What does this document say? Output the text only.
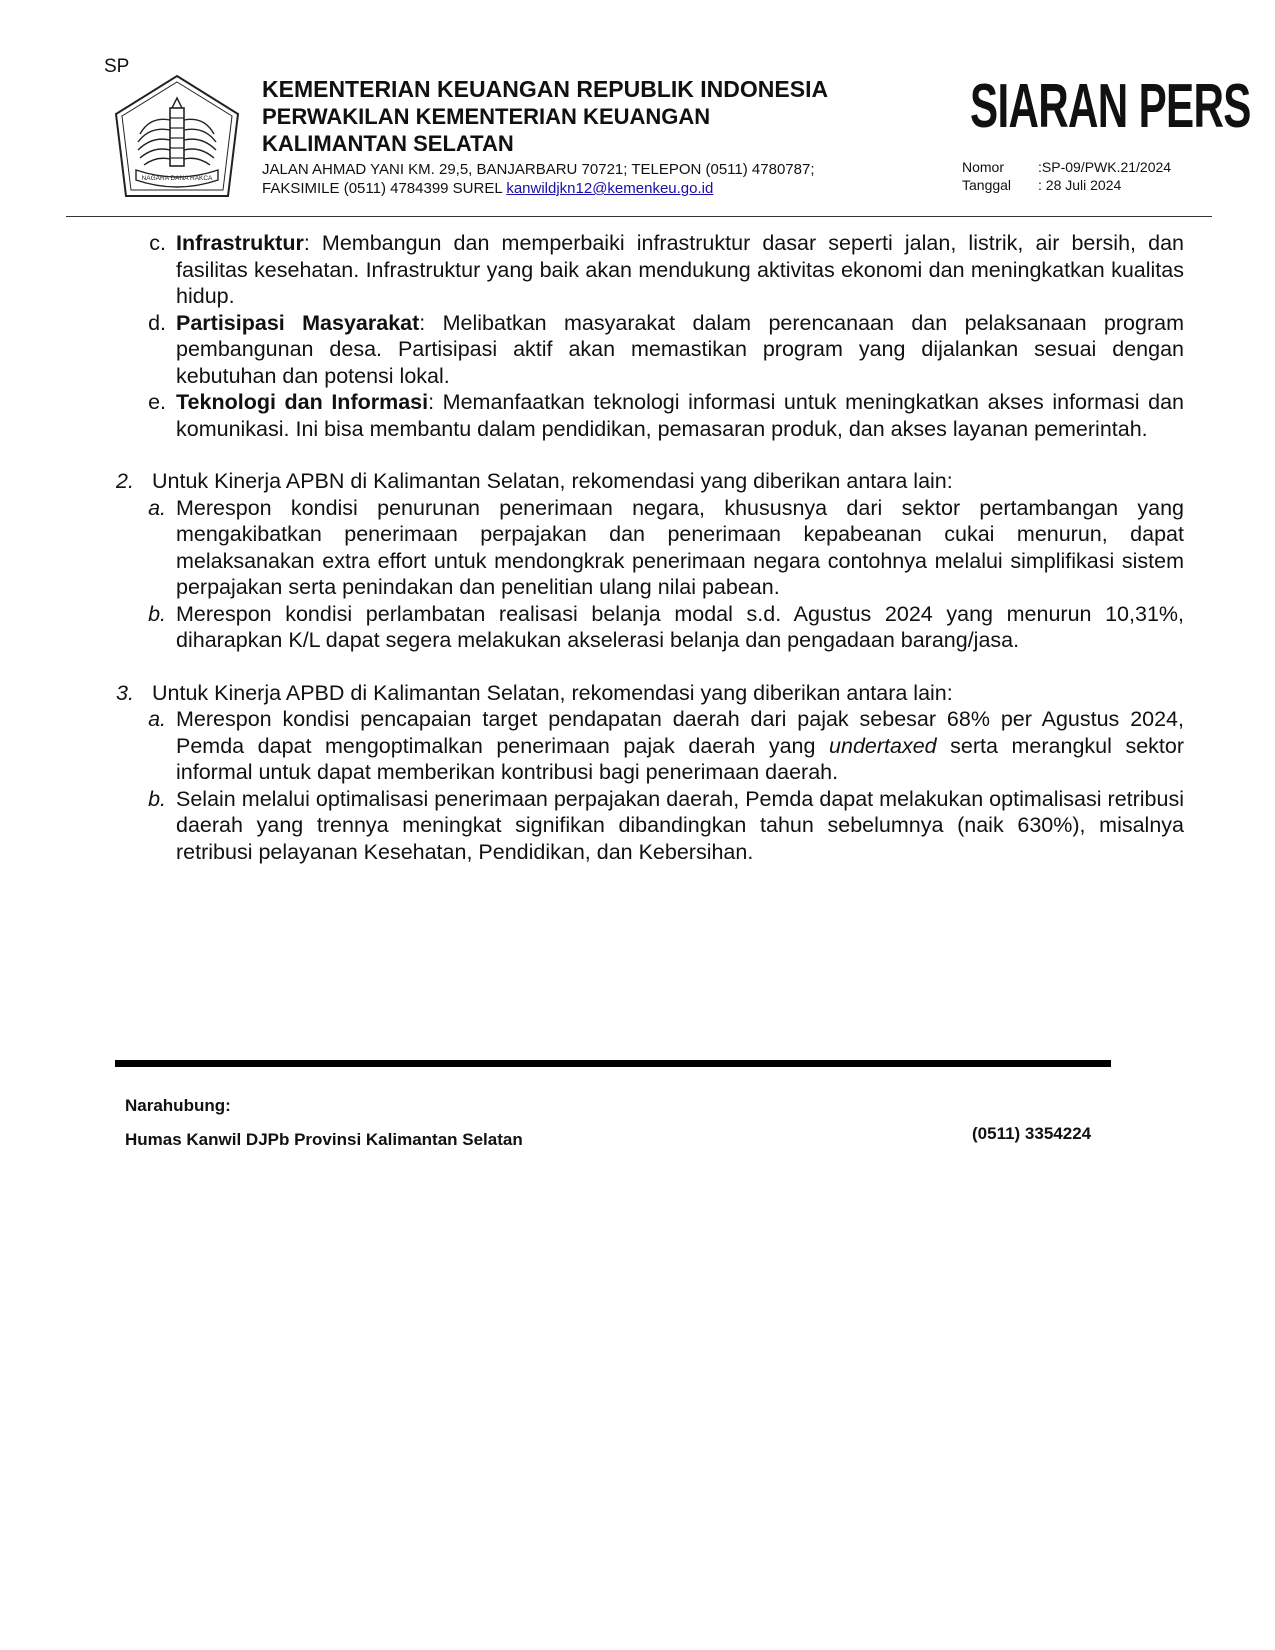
SP
NAGARA DANA RAKCA
KEMENTERIAN KEUANGAN REPUBLIK INDONESIA
PERWAKILAN KEMENTERIAN KEUANGAN
KALIMANTAN SELATAN
JALAN AHMAD YANI KM. 29,5, BANJARBARU 70721; TELEPON (0511) 4780787;
FAKSIMILE (0511) 4784399 SUREL kanwildjkn12@kemenkeu.go.id
SIARAN PERS
Nomor	:SP-09/PWK.21/2024
Tanggal	: 28 Juli 2024
c. Infrastruktur: Membangun dan memperbaiki infrastruktur dasar seperti jalan, listrik, air bersih, dan fasilitas kesehatan. Infrastruktur yang baik akan mendukung aktivitas ekonomi dan meningkatkan kualitas hidup.
d. Partisipasi Masyarakat: Melibatkan masyarakat dalam perencanaan dan pelaksanaan program pembangunan desa. Partisipasi aktif akan memastikan program yang dijalankan sesuai dengan kebutuhan dan potensi lokal.
e. Teknologi dan Informasi: Memanfaatkan teknologi informasi untuk meningkatkan akses informasi dan komunikasi. Ini bisa membantu dalam pendidikan, pemasaran produk, dan akses layanan pemerintah.
2. Untuk Kinerja APBN di Kalimantan Selatan, rekomendasi yang diberikan antara lain:
a. Merespon kondisi penurunan penerimaan negara, khususnya dari sektor pertambangan yang mengakibatkan penerimaan perpajakan dan penerimaan kepabeanan cukai menurun, dapat melaksanakan extra effort untuk mendongkrak penerimaan negara contohnya melalui simplifikasi sistem perpajakan serta penindakan dan penelitian ulang nilai pabean.
b. Merespon kondisi perlambatan realisasi belanja modal s.d. Agustus 2024 yang menurun 10,31%, diharapkan K/L dapat segera melakukan akselerasi belanja dan pengadaan barang/jasa.
3. Untuk Kinerja APBD di Kalimantan Selatan, rekomendasi yang diberikan antara lain:
a. Merespon kondisi pencapaian target pendapatan daerah dari pajak sebesar 68% per Agustus 2024, Pemda dapat mengoptimalkan penerimaan pajak daerah yang undertaxed serta merangkul sektor informal untuk dapat memberikan kontribusi bagi penerimaan daerah.
b. Selain melalui optimalisasi penerimaan perpajakan daerah, Pemda dapat melakukan optimalisasi retribusi daerah yang trennya meningkat signifikan dibandingkan tahun sebelumnya (naik 630%), misalnya retribusi pelayanan Kesehatan, Pendidikan, dan Kebersihan.
Narahubung:
Humas Kanwil DJPb Provinsi Kalimantan Selatan	(0511) 3354224
